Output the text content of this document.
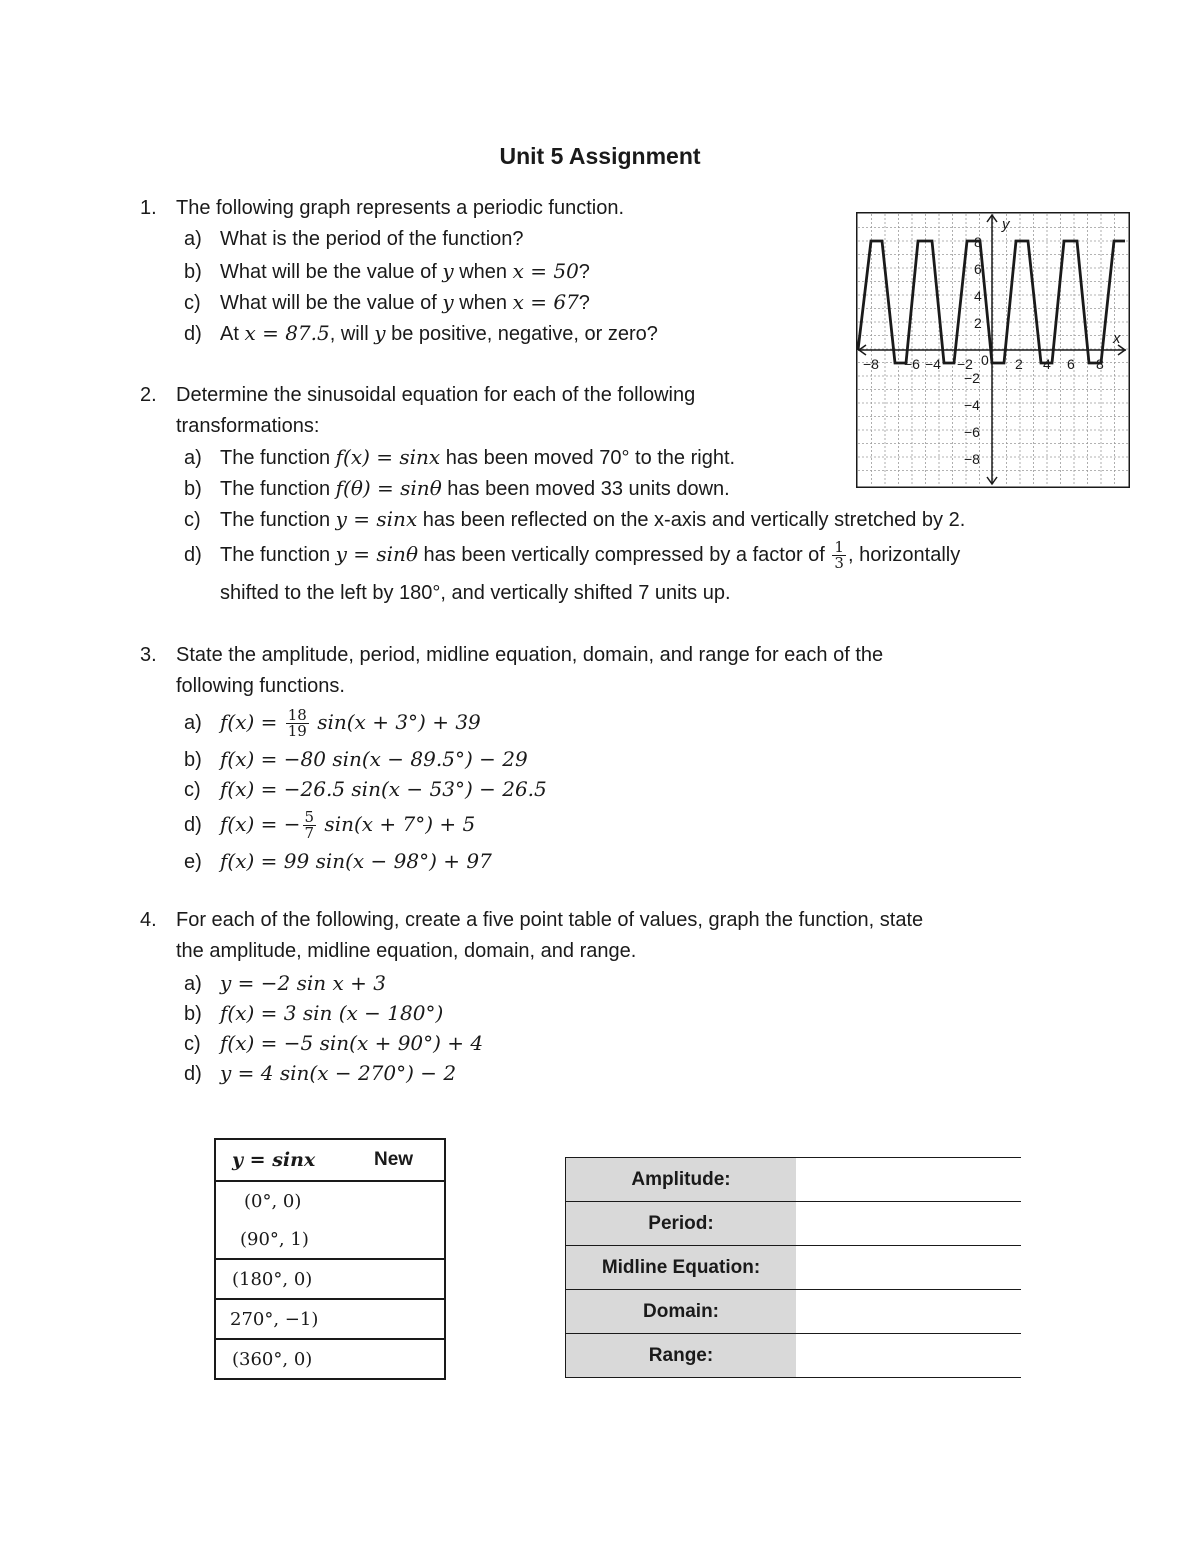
Unit 5 Assignment
1. The following graph represents a periodic function.
a) What is the period of the function?
b) What will be the value of y when x = 50?
c) What will be the value of y when x = 67?
d) At x = 87.5, will y be positive, negative, or zero?
−8 −6 −4 −2 0 2 4 6 8
8
6
4
2
−2
−4
−6
−8
y
x
2. Determine the sinusoidal equation for each of the following
transformations:
a) The function f(x) = sinx has been moved 70° to the right.
b) The function f(θ) = sinθ has been moved 33 units down.
c) The function y = sinx has been reflected on the x-axis and vertically stretched by 2.
d) The function y = sinθ has been vertically compressed by a factor of $\frac{1}{3}$ , horizontally
shifted to the left by 180°, and vertically shifted 7 units up.
3. State the amplitude, period, midline equation, domain, and range for each of the
following functions.
a) $f(x) = \frac{18}{19} \sin(x + 3^\circ) + 39$
b) f(x) = −80 sin(x − 89.5°) − 29
c) f(x) = −26.5 sin(x − 53°) − 26.5
d) f(x) = − $\frac{5}{7} \sin(x + 7^\circ) + 5$
e) f(x) = 99 sin(x − 98°) + 97
4. For each of the following, create a five point table of values, graph the function, state
the amplitude, midline equation, domain, and range.
a) y = −2 sin x + 3
b) f(x) = 3 sin (x − 180°)
c) f(x) = −5 sin(x + 90°) + 4
d) y = 4 sin(x − 270°) − 2
y = sinx	New
(0°, 0)
(90°, 1)
(180°, 0)
270°, −1)
(360°, 0)
Amplitude:	
Period:	
Midline Equation:	
Domain:	
Range:	
